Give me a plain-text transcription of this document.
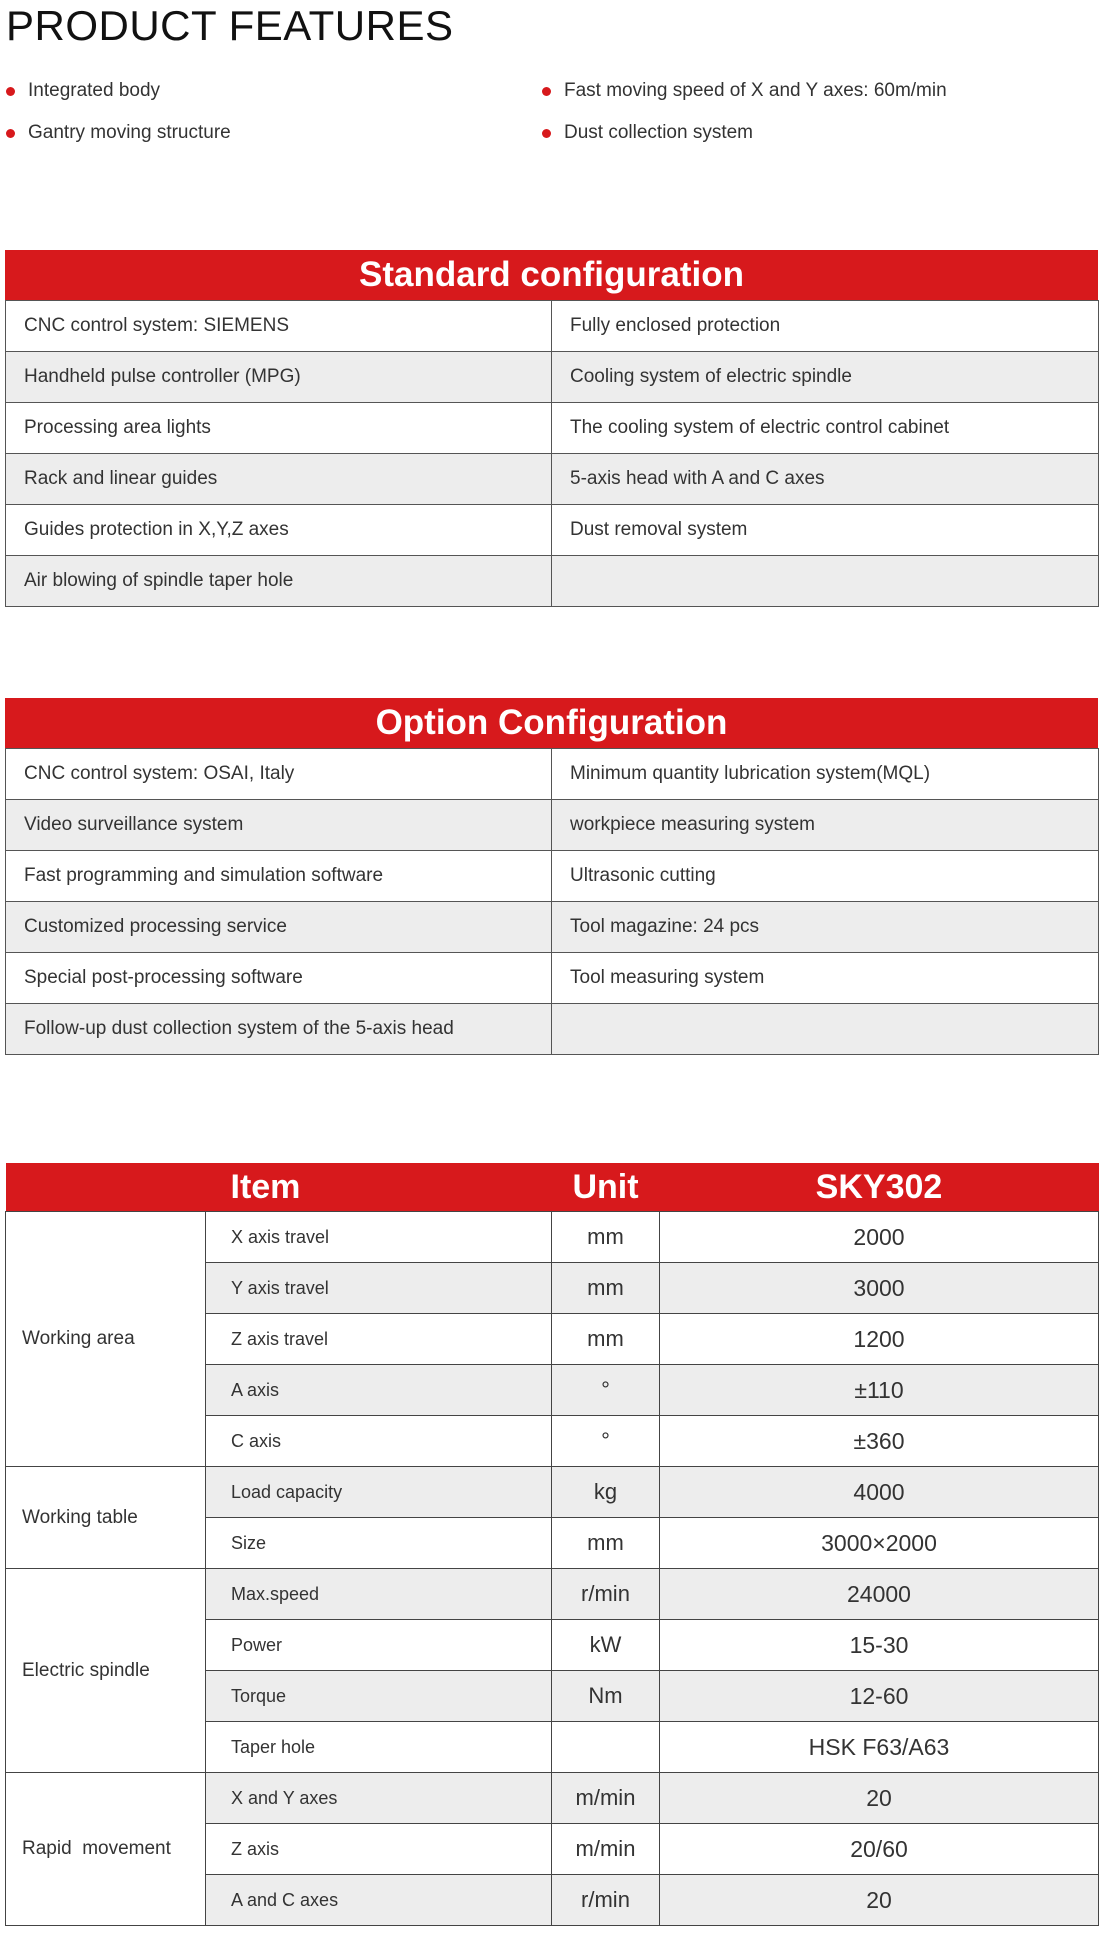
PRODUCT FEATURES
Integrated body
Gantry moving structure
Fast moving speed of X and Y axes: 60m/min
Dust collection system
Standard configuration
CNC control system: SIEMENS	Fully enclosed protection
Handheld pulse controller (MPG)	Cooling system of electric spindle
Processing area lights	The cooling system of electric control cabinet
Rack and linear guides	5-axis head with A and C axes
Guides protection in X,Y,Z axes	Dust removal system
Air blowing of spindle taper hole	
Option Configuration
CNC control system: OSAI, Italy	Minimum quantity lubrication system(MQL)
Video surveillance system	workpiece measuring system
Fast programming and simulation software	Ultrasonic cutting
Customized processing service	Tool magazine: 24 pcs
Special post-processing software	Tool measuring system
Follow-up dust collection system of the 5-axis head	
	Item	Unit	SKY302
Working area	X axis travel	mm	2000
	Y axis travel	mm	3000
	Z axis travel	mm	1200
	A axis	°	±110
	C axis	°	±360
Working table	Load capacity	kg	4000
	Size	mm	3000×2000
Electric spindle	Max.speed	r/min	24000
	Power	kW	15-30
	Torque	Nm	12-60
	Taper hole		HSK F63/A63
Rapid  movement	X and Y axes	m/min	20
	Z axis	m/min	20/60
	A and C axes	r/min	20
